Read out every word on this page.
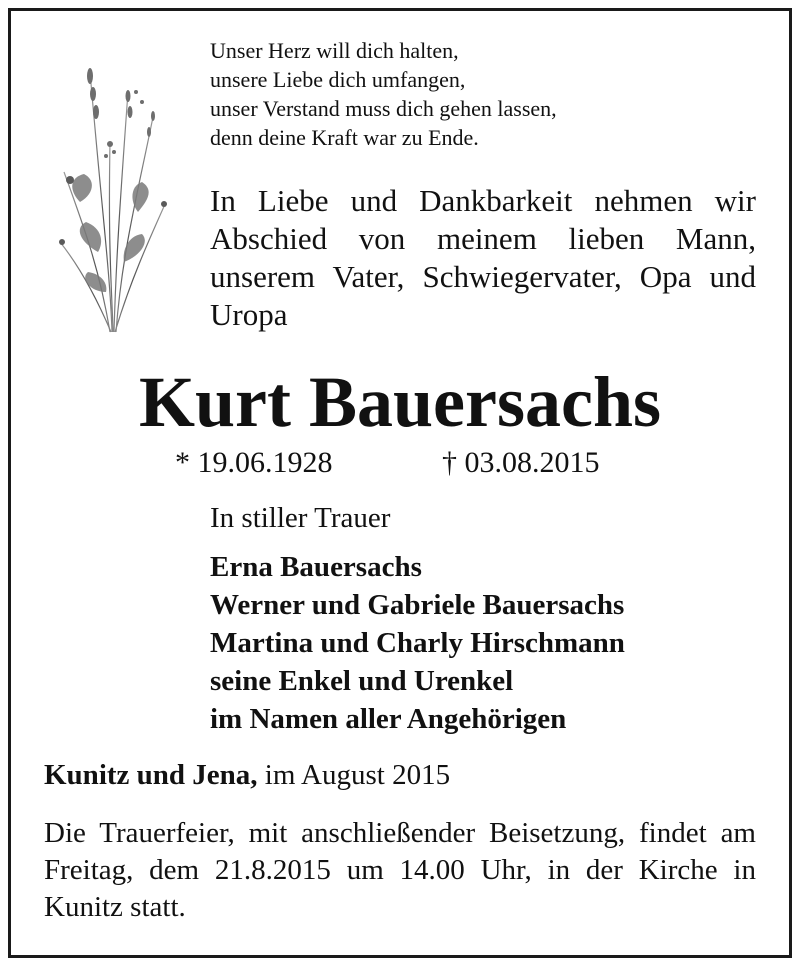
Unser Herz will dich halten,
unsere Liebe dich umfangen,
unser Verstand muss dich gehen lassen,
denn deine Kraft war zu Ende.
In Liebe und Dankbarkeit nehmen wir Abschied von meinem lieben Mann, unserem Vater, Schwiegervater, Opa und Uropa
Kurt Bauersachs
* 19.06.1928	† 03.08.2015
In stiller Trauer
Erna Bauersachs
Werner und Gabriele Bauersachs
Martina und Charly Hirschmann
seine Enkel und Urenkel
im Namen aller Angehörigen
Kunitz und Jena, im August 2015
Die Trauerfeier, mit anschließender Beisetzung, findet am Freitag, dem 21.8.2015 um 14.00 Uhr, in der Kirche in Kunitz statt.
